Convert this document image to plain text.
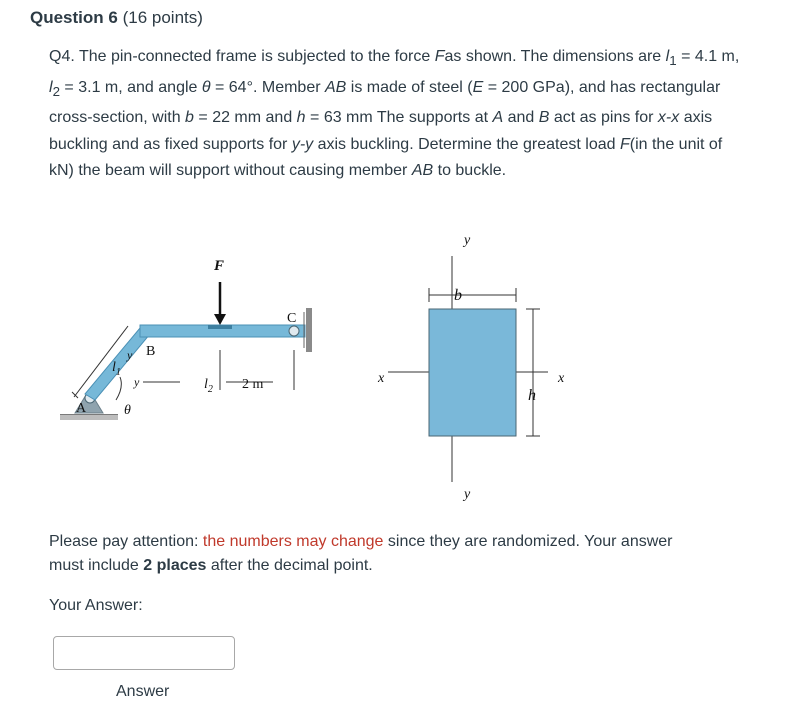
Question 6 (16 points)
Q4. The pin-connected frame is subjected to the force Fas shown. The dimensions are $l_1 = 4.1$ m, $l_2 = 3.1$ m, and angle θ = 64°. Member AB is made of steel (E = 200 GPa), and has rectangular cross-section, with b = 22 mm and h = 63 mm The supports at A and B act as pins for x-x axis buckling and as fixed supports for y-y axis buckling. Determine the greatest load F(in the unit of kN) the beam will support without causing member AB to buckle.
F
B
C
A
$l_1$
y
θ
y	$l_2$ 2 m
y
y
x	x
b
h
Please pay attention: the numbers may change since they are randomized. Your answer must include 2 places after the decimal point.
Your Answer:
Answer
